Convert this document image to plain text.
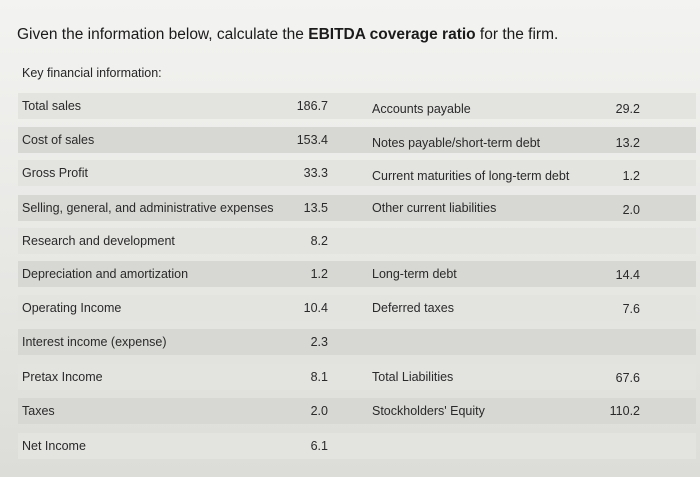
Given the information below, calculate the EBITDA coverage ratio for the firm.
Key financial information:
Total sales	186.7	Accounts payable	29.2
Cost of sales	153.4	Notes payable/short-term debt	13.2
Gross Profit	33.3	Current maturities of long-term debt	1.2
Selling, general, and administrative expenses	13.5	Other current liabilities	2.0
Research and development	8.2
Depreciation and amortization	1.2	Long-term debt	14.4
Operating Income	10.4	Deferred taxes	7.6
Interest income (expense)	2.3
Pretax Income	8.1	Total Liabilities	67.6
Taxes	2.0	Stockholders' Equity	110.2
Net Income	6.1
